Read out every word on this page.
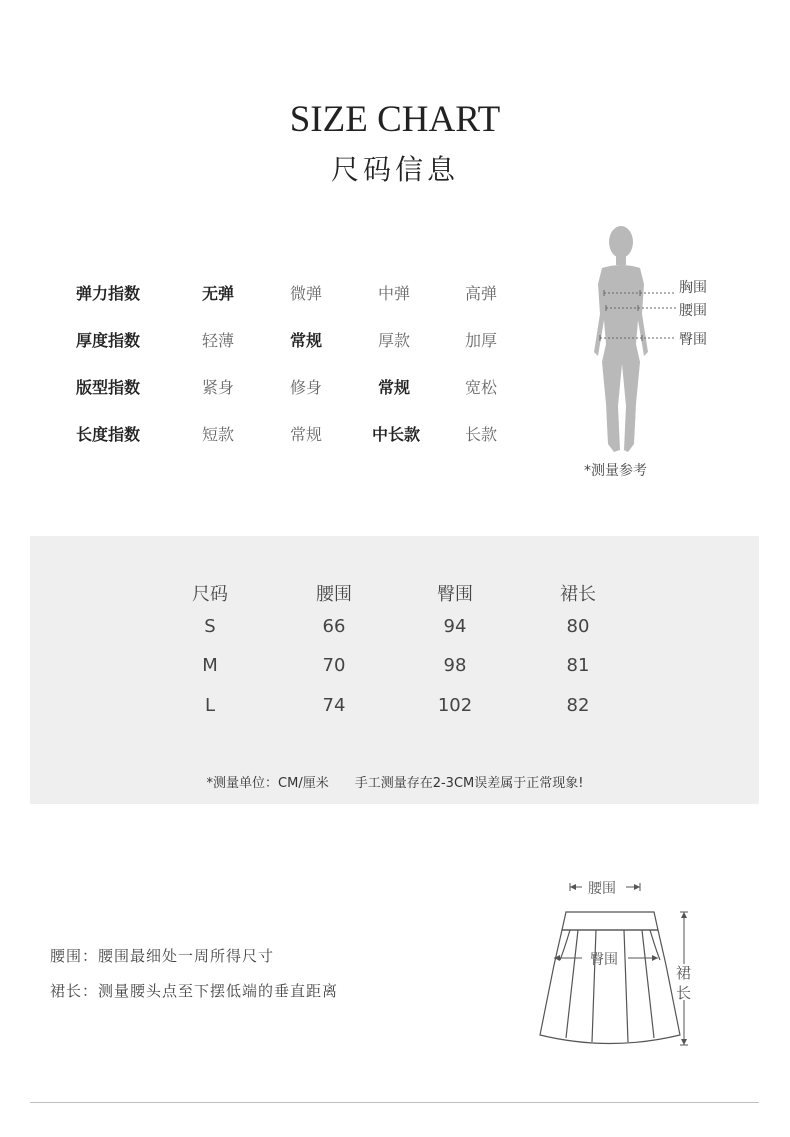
SIZE CHART
尺码信息
弹力指数	无弹	微弹	中弹	高弹
厚度指数	轻薄	常规	厚款	加厚
版型指数	紧身	修身	常规	宽松
长度指数	短款	常规	中长款	长款
胸围
腰围
臀围
*测量参考
尺码	腰围	臀围	裙长
S	66	94	80
M	70	98	81
L	74	102	82
*测量单位：CM/厘米　　手工测量存在2-3CM误差属于正常现象!
腰围：腰围最细处一周所得尺寸
裙长：测量腰头点至下摆低端的垂直距离
腰围
臀围
裙
长
